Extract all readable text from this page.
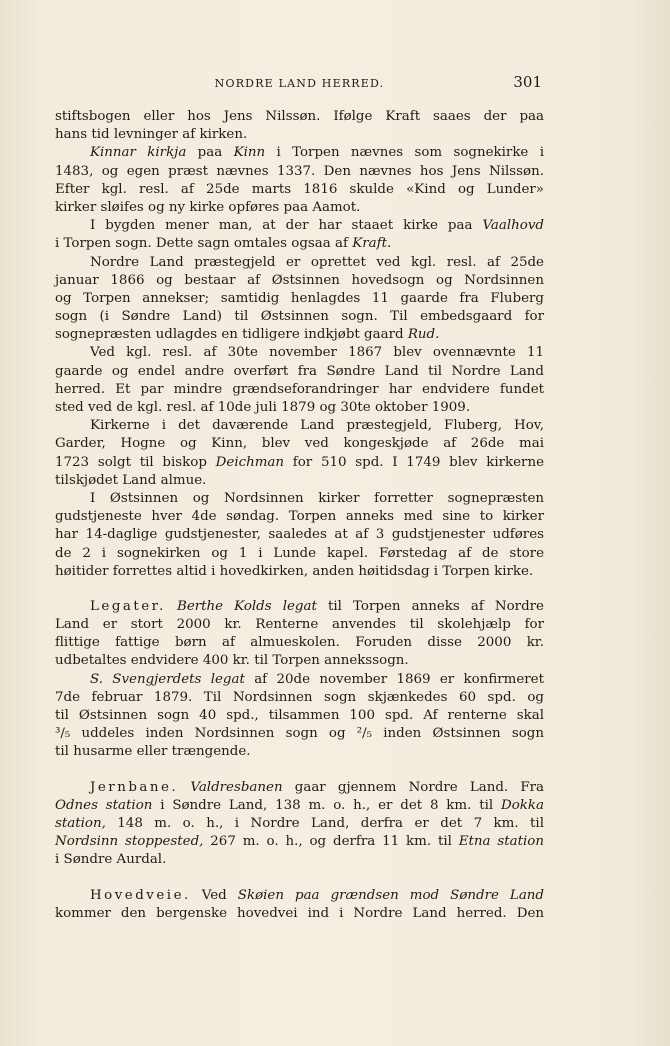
NORDRE LAND HERRED.	301
stiftsbogen eller hos Jens Nilssøn. Ifølge Kraft saaes der paa
hans tid levninger af kirken.
Kinnar kirkja paa Kinn i Torpen nævnes som sognekirke i
1483, og egen præst nævnes 1337. Den nævnes hos Jens Nilssøn.
Efter kgl. resl. af 25de marts 1816 skulde «Kind og Lunder»
kirker sløifes og ny kirke opføres paa Aamot.
I bygden mener man, at der har staaet kirke paa Vaalhovd
i Torpen sogn. Dette sagn omtales ogsaa af Kraft.
Nordre Land præstegjeld er oprettet ved kgl. resl. af 25de
januar 1866 og bestaar af Østsinnen hovedsogn og Nordsinnen
og Torpen annekser; samtidig henlagdes 11 gaarde fra Fluberg
sogn (i Søndre Land) til Østsinnen sogn. Til embedsgaard for
sognepræsten udlagdes en tidligere indkjøbt gaard Rud.
Ved kgl. resl. af 30te november 1867 blev ovennævnte 11
gaarde og endel andre overført fra Søndre Land til Nordre Land
herred. Et par mindre grændseforandringer har endvidere fundet
sted ved de kgl. resl. af 10de juli 1879 og 30te oktober 1909.
Kirkerne i det daværende Land præstegjeld, Fluberg, Hov,
Garder, Hogne og Kinn, blev ved kongeskjøde af 26de mai
1723 solgt til biskop Deichman for 510 spd. I 1749 blev kirkerne
tilskjødet Land almue.
I Østsinnen og Nordsinnen kirker forretter sognepræsten
gudstjeneste hver 4de søndag. Torpen anneks med sine to kirker
har 14-daglige gudstjenester, saaledes at af 3 gudstjenester udføres
de 2 i sognekirken og 1 i Lunde kapel. Førstedag af de store
høitider forrettes altid i hovedkirken, anden høitidsdag i Torpen kirke.
Legater. Berthe Kolds legat til Torpen anneks af Nordre
Land er stort 2000 kr. Renterne anvendes til skolehjælp for
flittige fattige børn af almueskolen. Foruden disse 2000 kr.
udbetaltes endvidere 400 kr. til Torpen annekssogn.
S. Svengjerdets legat af 20de november 1869 er konfirmeret
7de februar 1879. Til Nordsinnen sogn skjænkedes 60 spd. og
til Østsinnen sogn 40 spd., tilsammen 100 spd. Af renterne skal
³/₅ uddeles inden Nordsinnen sogn og ²/₅ inden Østsinnen sogn
til husarme eller trængende.
Jernbane. Valdresbanen gaar gjennem Nordre Land. Fra
Odnes station i Søndre Land, 138 m. o. h., er det 8 km. til Dokka
station, 148 m. o. h., i Nordre Land, derfra er det 7 km. til
Nordsinn stoppested, 267 m. o. h., og derfra 11 km. til Etna station
i Søndre Aurdal.
Hovedveie. Ved Skøien paa grændsen mod Søndre Land
kommer den bergenske hovedvei ind i Nordre Land herred. Den
